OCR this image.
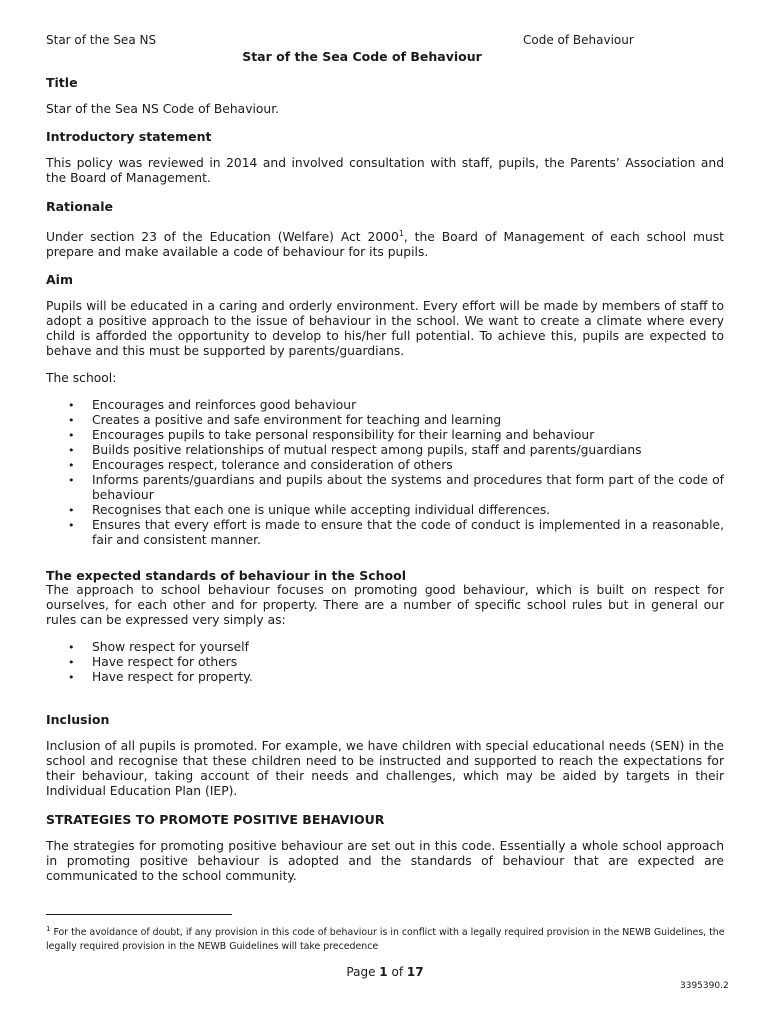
Star of the Sea NS	Code of Behaviour
Star of the Sea Code of Behaviour
Title

Star of the Sea NS Code of Behaviour.

Introductory statement

This policy was reviewed in 2014 and involved consultation with staff, pupils, the Parents’ Association and the Board of Management.

Rationale

Under section 23 of the Education (Welfare) Act 2000$^1$, the Board of Management of each school must prepare and make available a code of behaviour for its pupils.

Aim

Pupils will be educated in a caring and orderly environment. Every effort will be made by members of staff to adopt a positive approach to the issue of behaviour in the school. We want to create a climate where every child is afforded the opportunity to develop to his/her full potential. To achieve this, pupils are expected to behave and this must be supported by parents/guardians.

The school:

• Encourages and reinforces good behaviour
• Creates a positive and safe environment for teaching and learning
• Encourages pupils to take personal responsibility for their learning and behaviour
• Builds positive relationships of mutual respect among pupils, staff and parents/guardians
• Encourages respect, tolerance and consideration of others
• Informs parents/guardians and pupils about the systems and procedures that form part of the code of behaviour
• Recognises that each one is unique while accepting individual differences.
• Ensures that every effort is made to ensure that the code of conduct is implemented in a reasonable, fair and consistent manner.
The expected standards of behaviour in the School

The approach to school behaviour focuses on promoting good behaviour, which is built on respect for ourselves, for each other and for property. There are a number of specific school rules but in general our rules can be expressed very simply as:

• Show respect for yourself
• Have respect for others
• Have respect for property.
Inclusion

Inclusion of all pupils is promoted. For example, we have children with special educational needs (SEN) in the school and recognise that these children need to be instructed and supported to reach the expectations for their behaviour, taking account of their needs and challenges, which may be aided by targets in their Individual Education Plan (IEP).

STRATEGIES TO PROMOTE POSITIVE BEHAVIOUR

The strategies for promoting positive behaviour are set out in this code. Essentially a whole school approach in promoting positive behaviour is adopted and the standards of behaviour that are expected are communicated to the school community.

$^1$ For the avoidance of doubt, if any provision in this code of behaviour is in conflict with a legally required provision in the NEWB Guidelines, the legally required provision in the NEWB Guidelines will take precedence
Page 1 of 17
3395390.2
